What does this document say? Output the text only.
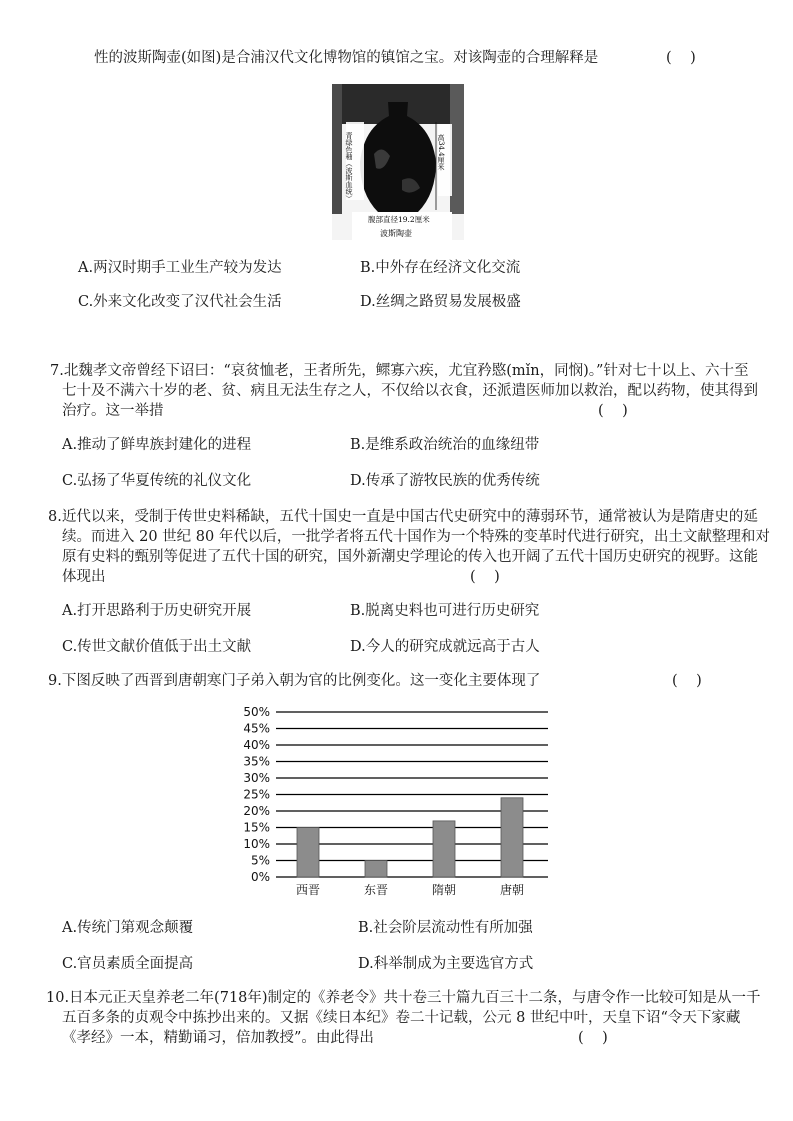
性的波斯陶壶(如图)是合浦汉代文化博物馆的镇馆之宝。对该陶壶的合理解释是	(    )
青绿色釉（波斯血统）	高34.4厘米
腹部直径19.2厘米
波斯陶壶
A.两汉时期手工业生产较为发达	B.中外存在经济文化交流
C.外来文化改变了汉代社会生活	D.丝绸之路贸易发展极盛
7.北魏孝文帝曾经下诏曰：“哀贫恤老，王者所先，鳏寡六疾，尤宜矜愍(mǐn，同悯)。”针对七十以上、六十至
七十及不满六十岁的老、贫、病且无法生存之人，不仅给以衣食，还派遣医师加以救治，配以药物，使其得到
治疗。这一举措	(    )
A.推动了鲜卑族封建化的进程	B.是维系政治统治的血缘纽带
C.弘扬了华夏传统的礼仪文化	D.传承了游牧民族的优秀传统
8.近代以来，受制于传世史料稀缺，五代十国史一直是中国古代史研究中的薄弱环节，通常被认为是隋唐史的延
续。而进入 20 世纪 80 年代以后，一批学者将五代十国作为一个特殊的变革时代进行研究，出土文献整理和对
原有史料的甄别等促进了五代十国的研究，国外新潮史学理论的传入也开阔了五代十国历史研究的视野。这能
体现出	(    )
A.打开思路利于历史研究开展	B.脱离史料也可进行历史研究
C.传世文献价值低于出土文献	D.今人的研究成就远高于古人
9.下图反映了西晋到唐朝寒门子弟入朝为官的比例变化。这一变化主要体现了	(    )
0%
5%
10%
15%
20%
25%
30%
35%
40%
45%
50%
西晋	东晋	隋朝	唐朝
A.传统门第观念颠覆	B.社会阶层流动性有所加强
C.官员素质全面提高	D.科举制成为主要选官方式
10.日本元正天皇养老二年(718年)制定的《养老令》共十卷三十篇九百三十二条，与唐令作一比较可知是从一千
五百多条的贞观令中拣抄出来的。又据《续日本纪》卷二十记载，公元 8 世纪中叶，天皇下诏“令天下家藏
《孝经》一本，精勤诵习，倍加教授”。由此得出	(    )
